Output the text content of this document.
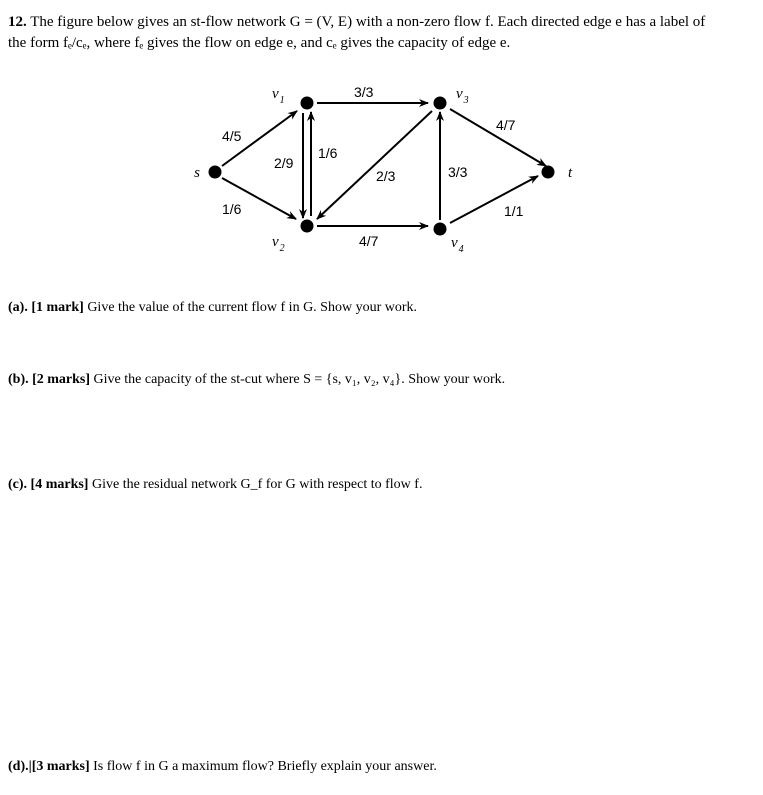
12. The figure below gives an st-flow network G = (V, E) with a non-zero flow f. Each directed edge e has a label of
the form fₑ/cₑ, where fₑ gives the flow on edge e, and cₑ gives the capacity of edge e.
4/5
1/6
2/9
1/6
3/3
2/3
4/7
3/3
4/7
1/1
s
$v_1$
$v_2$
$v_3$
$v_4$
t
(a). [1 mark] Give the value of the current flow f in G. Show your work.
(b). [2 marks] Give the capacity of the st-cut where S = {s, v₁, v₂, v₄}. Show your work.
(c). [4 marks] Give the residual network G_f for G with respect to flow f.
(d).|[3 marks] Is flow f in G a maximum flow? Briefly explain your answer.
